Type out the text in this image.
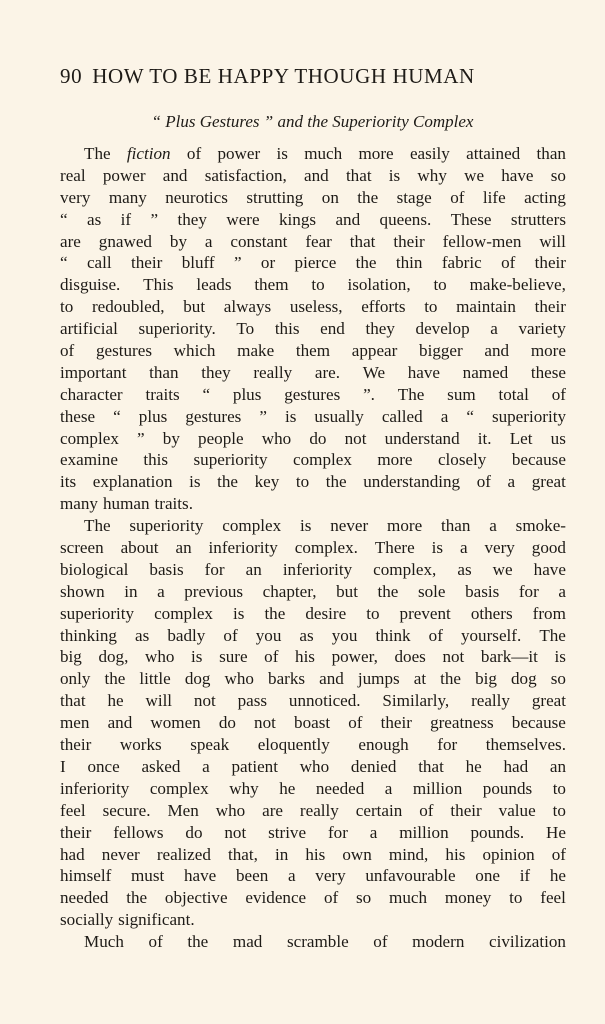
90 HOW TO BE HAPPY THOUGH HUMAN
“ Plus Gestures ” and the Superiority Complex
The fiction of power is much more easily attained than
real power and satisfaction, and that is why we have so
very many neurotics strutting on the stage of life acting
“ as if ” they were kings and queens. These strutters
are gnawed by a constant fear that their fellow-men will
“ call their bluff ” or pierce the thin fabric of their
disguise. This leads them to isolation, to make-believe,
to redoubled, but always useless, efforts to maintain their
artificial superiority. To this end they develop a variety
of gestures which make them appear bigger and more
important than they really are. We have named these
character traits “ plus gestures ”. The sum total of
these “ plus gestures ” is usually called a “ superiority
complex ” by people who do not understand it. Let us
examine this superiority complex more closely because
its explanation is the key to the understanding of a great
many human traits.
The superiority complex is never more than a smoke-
screen about an inferiority complex. There is a very good
biological basis for an inferiority complex, as we have
shown in a previous chapter, but the sole basis for a
superiority complex is the desire to prevent others from
thinking as badly of you as you think of yourself. The
big dog, who is sure of his power, does not bark—it is
only the little dog who barks and jumps at the big dog so
that he will not pass unnoticed. Similarly, really great
men and women do not boast of their greatness because
their works speak eloquently enough for themselves.
I once asked a patient who denied that he had an
inferiority complex why he needed a million pounds to
feel secure. Men who are really certain of their value to
their fellows do not strive for a million pounds. He
had never realized that, in his own mind, his opinion of
himself must have been a very unfavourable one if he
needed the objective evidence of so much money to feel
socially significant.
Much of the mad scramble of modern civilization
